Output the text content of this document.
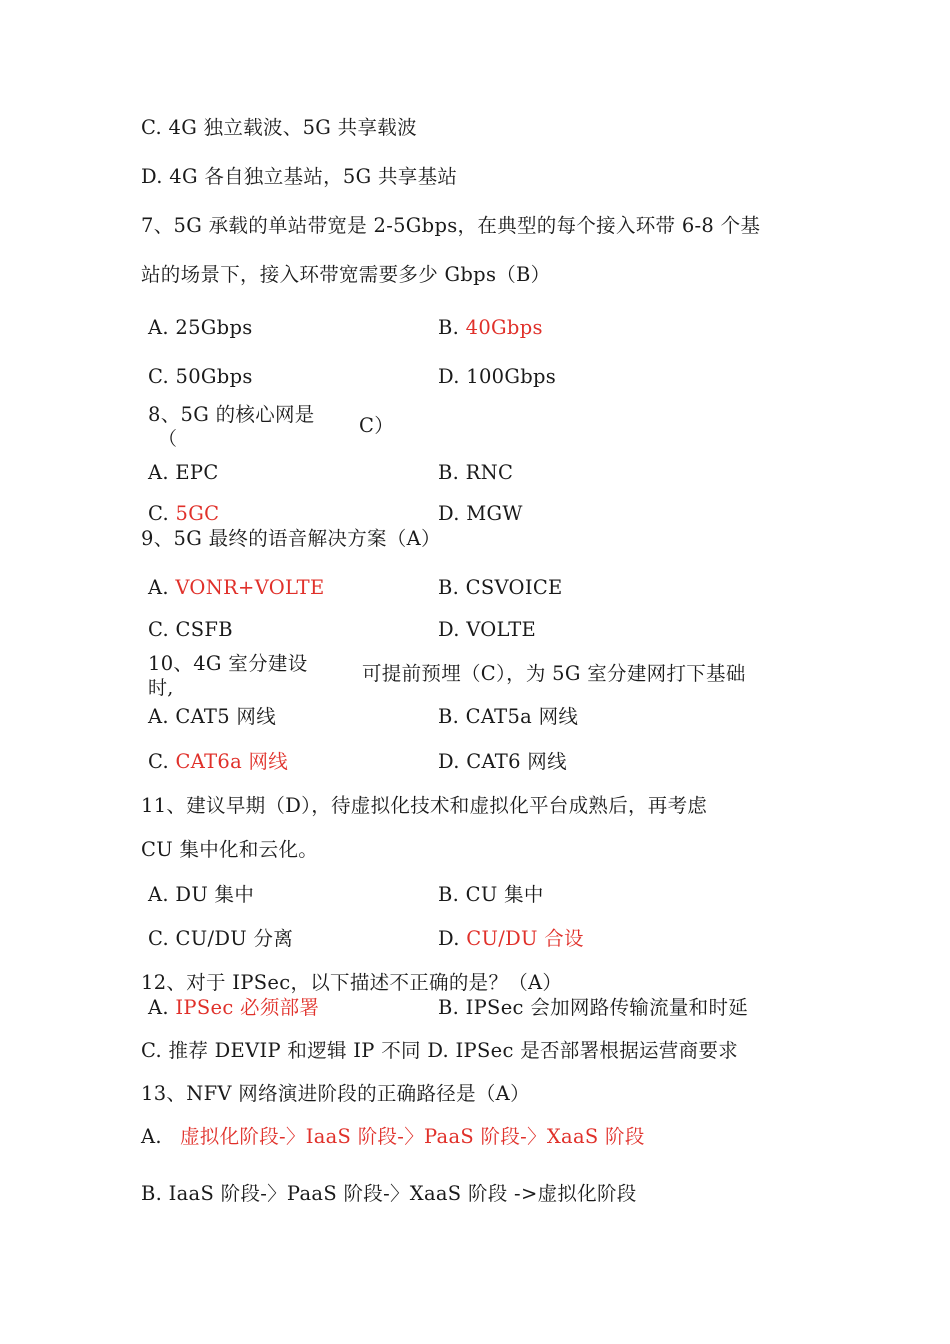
C. 4G 独立载波、5G 共享载波
D. 4G 各自独立基站，5G 共享基站
7、5G 承载的单站带宽是 2-5Gbps，在典型的每个接入环带 6-8 个基
站的场景下，接入环带宽需要多少 Gbps（B）
A. 25Gbps	B. 40Gbps
C. 50Gbps	D. 100Gbps
8、5G 的核心网是
（
C）
A. EPC	B. RNC
C. 5GC	D. MGW
9、5G 最终的语音解决方案（A）
A. VONR+VOLTE	B. CSVOICE
C. CSFB	D. VOLTE
10、4G 室分建设
时,
可提前预埋（C），为 5G 室分建网打下基础
A. CAT5 网线	B. CAT5a 网线
C. CAT6a 网线	D. CAT6 网线
11、建议早期（D），待虚拟化技术和虚拟化平台成熟后，再考虑
CU 集中化和云化。
A. DU 集中	B. CU 集中
C. CU/DU 分离	D. CU/DU 合设
12、对于 IPSec，以下描述不正确的是？（A）
A. IPSec 必须部署	B. IPSec 会加网路传输流量和时延
C. 推荐 DEVIP 和逻辑 IP 不同 D. IPSec 是否部署根据运营商要求
13、NFV 网络演进阶段的正确路径是（A）
A. 虚拟化阶段-〉IaaS 阶段-〉PaaS 阶段-〉XaaS 阶段
B. IaaS 阶段-〉PaaS 阶段-〉XaaS 阶段 ->虚拟化阶段
